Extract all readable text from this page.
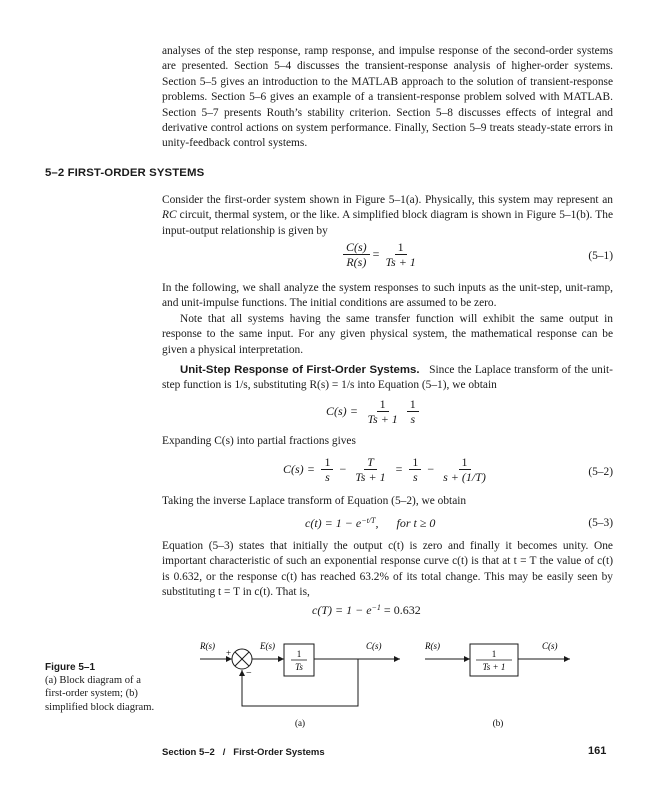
analyses of the step response, ramp response, and impulse response of the second-order systems are presented. Section 5–4 discusses the transient-response analysis of higher-order systems. Section 5–5 gives an introduction to the MATLAB approach to the solution of transient-response problems. Section 5–6 gives an example of a transient-response problem solved with MATLAB. Section 5–7 presents Routh’s stability criterion. Section 5–8 discusses effects of integral and derivative control actions on system performance. Finally, Section 5–9 treats steady-state errors in unity-feedback control systems.

5–2 FIRST-ORDER SYSTEMS

Consider the first-order system shown in Figure 5–1(a). Physically, this system may represent an RC circuit, thermal system, or the like. A simplified block diagram is shown in Figure 5–1(b). The input-output relationship is given by

$\frac{C(s)}{R(s)} = \frac{1}{Ts + 1}$	(5–1)

In the following, we shall analyze the system responses to such inputs as the unit-step, unit-ramp, and unit-impulse functions. The initial conditions are assumed to be zero.

Note that all systems having the same transfer function will exhibit the same output in response to the same input. For any given physical system, the mathematical response can be given a physical interpretation.

Unit-Step Response of First-Order Systems. Since the Laplace transform of the unit-step function is 1/s, substituting R(s) = 1/s into Equation (5–1), we obtain

$C(s) = \frac{1}{Ts + 1} \frac{1}{s}$

Expanding C(s) into partial fractions gives

$C(s) = \frac{1}{s} - \frac{T}{Ts + 1} = \frac{1}{s} - \frac{1}{s + (1/T)}$	(5–2)

Taking the inverse Laplace transform of Equation (5–2), we obtain

$c(t) = 1 - e^{-t/T}$ ,      for t ≥ 0	(5–3)

Equation (5–3) states that initially the output c(t) is zero and finally it becomes unity. One important characteristic of such an exponential response curve c(t) is that at t = T the value of c(t) is 0.632, or the response c(t) has reached 63.2% of its total change. This may be easily seen by substituting t = T in c(t). That is,

$c(T) = 1 - e^{-1} = 0.632$
Figure 5–1
(a) Block diagram of a first-order system; (b) simplified block diagram.
R(s)	E(s)	C(s)
1
Ts
+
−
(a)
R(s)	C(s)
1
Ts + 1
(b)
Section 5–2   /   First-Order Systems	161
